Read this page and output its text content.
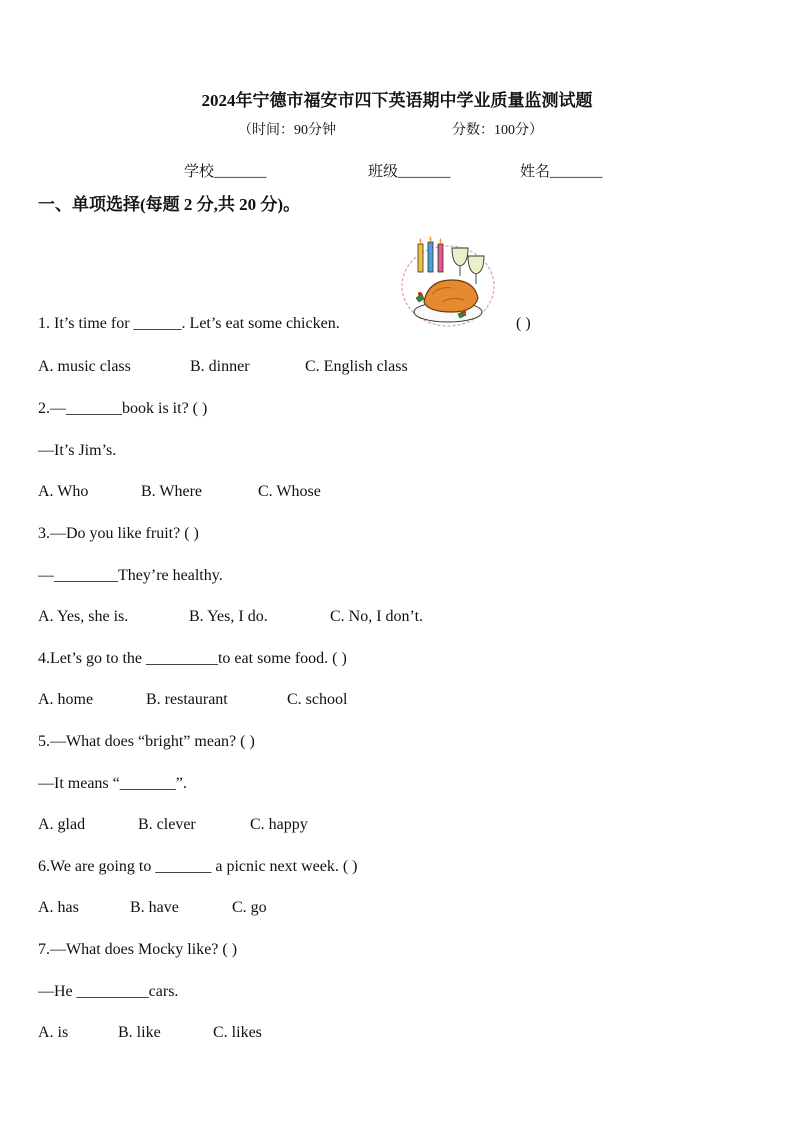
2024年宁德市福安市四下英语期中学业质量监测试题
（时间：90分钟	分数：100分）
学校_______	班级_______	姓名_______
一、单项选择(每题 2 分,共 20 分)。
1. It’s time for ______. Let’s eat some chicken.	( )
A. music class	B. dinner	C. English class
2.—_______book is it? ( )
—It’s Jim’s.
A. Who	B. Where	C. Whose
3.—Do you like fruit? ( )
—________They’re healthy.
A. Yes, she is.	B. Yes, I do.	C. No, I don’t.
4.Let’s go to the _________to eat some food. ( )
A. home	B. restaurant	C. school
5.—What does “bright” mean? ( )
—It means “_______”.
A. glad	B. clever	C. happy
6.We are going to _______ a picnic next week. ( )
A. has	B. have	C. go
7.—What does Mocky like? ( )
—He _________cars.
A. is	B. like	C. likes
